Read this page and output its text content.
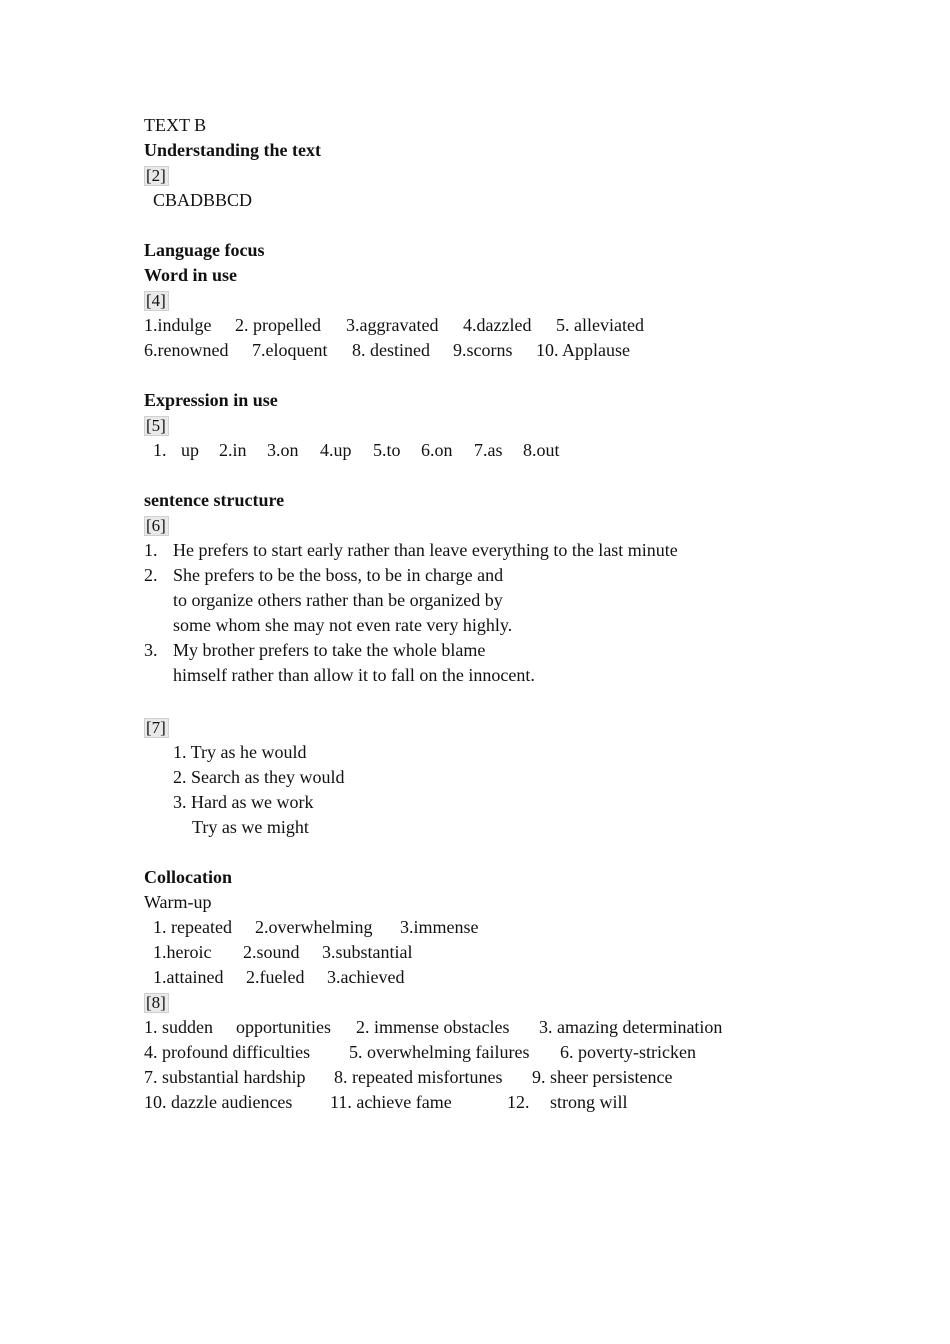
TEXT B
Understanding the text
[2]
CBADBBCD
Language focus
Word in use
[4]
1.indulge 2. propelled 3.aggravated 4.dazzled 5. alleviated
6.renowned 7.eloquent 8. destined 9.scorns 10. Applause
Expression in use
[5]
1. up 2.in 3.on 4.up 5.to 6.on 7.as 8.out
sentence structure
[6]
1. He prefers to start early rather than leave everything to the last minute
2. She prefers to be the boss, to be in charge and
to organize others rather than be organized by
some whom she may not even rate very highly.
3. My brother prefers to take the whole blame
himself rather than allow it to fall on the innocent.
[7]
1. Try as he would
2. Search as they would
3. Hard as we work
Try as we might
Collocation
Warm-up
1. repeated 2.overwhelming 3.immense
1.heroic 2.sound 3.substantial
1.attained 2.fueled 3.achieved
[8]
1. sudden opportunities 2. immense obstacles 3. amazing determination
4. profound difficulties 5. overwhelming failures 6. poverty-stricken
7. substantial hardship 8. repeated misfortunes 9. sheer persistence
10. dazzle audiences 11. achieve fame	12. strong will
